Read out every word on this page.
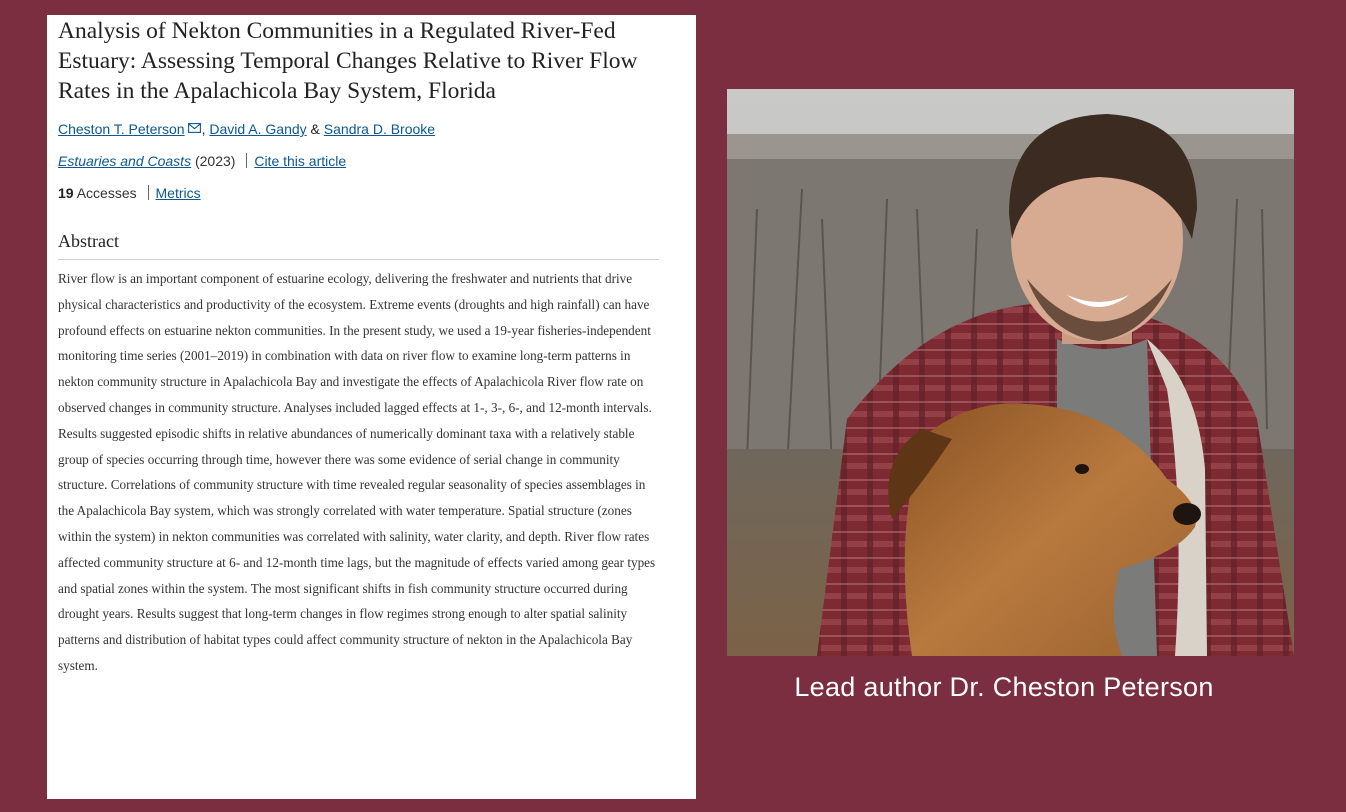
Analysis of Nekton Communities in a Regulated River-Fed Estuary: Assessing Temporal Changes Relative to River Flow Rates in the Apalachicola Bay System, Florida
Cheston T. Peterson , David A. Gandy & Sandra D. Brooke
Estuaries and Coasts (2023) Cite this article
19 Accesses Metrics
Abstract

River flow is an important component of estuarine ecology, delivering the freshwater and nutrients that drive physical characteristics and productivity of the ecosystem. Extreme events (droughts and high rainfall) can have profound effects on estuarine nekton communities. In the present study, we used a 19-year fisheries-independent monitoring time series (2001–2019) in combination with data on river flow to examine long-term patterns in nekton community structure in Apalachicola Bay and investigate the effects of Apalachicola River flow rate on observed changes in community structure. Analyses included lagged effects at 1-, 3-, 6-, and 12-month intervals. Results suggested episodic shifts in relative abundances of numerically dominant taxa with a relatively stable group of species occurring through time, however there was some evidence of serial change in community structure. Correlations of community structure with time revealed regular seasonality of species assemblages in the Apalachicola Bay system, which was strongly correlated with water temperature. Spatial structure (zones within the system) in nekton communities was correlated with salinity, water clarity, and depth. River flow rates affected community structure at 6- and 12-month time lags, but the magnitude of effects varied among gear types and spatial zones within the system. The most significant shifts in fish community structure occurred during drought years. Results suggest that long-term changes in flow regimes strong enough to alter spatial salinity patterns and distribution of habitat types could affect community structure of nekton in the Apalachicola Bay system.

Lead author Dr. Cheston Peterson
